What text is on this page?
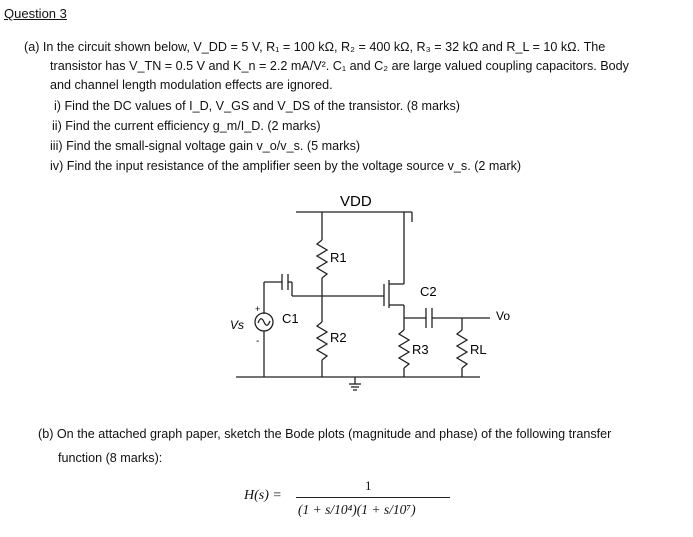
Question 3
(a) In the circuit shown below, V_DD = 5 V, R₁ = 100 kΩ, R₂ = 400 kΩ, R₃ = 32 kΩ and R_L = 10 kΩ. The
transistor has V_TN = 0.5 V and K_n = 2.2 mA/V². C₁ and C₂ are large valued coupling capacitors. Body
and channel length modulation effects are ignored.
i) Find the DC values of I_D, V_GS and V_DS of the transistor. (8 marks)
ii) Find the current efficiency g_m/I_D. (2 marks)
iii) Find the small-signal voltage gain v_o/v_s. (5 marks)
iv) Find the input resistance of the amplifier seen by the voltage source v_s. (2 mark)
VDD
R1
R2
R3	RL
C1
C2
Vs
Vo
+
-
(b) On the attached graph paper, sketch the Bode plots (magnitude and phase) of the following transfer
function (8 marks):
H(s) =
1
(1 + s/10⁴)(1 + s/10⁷)
